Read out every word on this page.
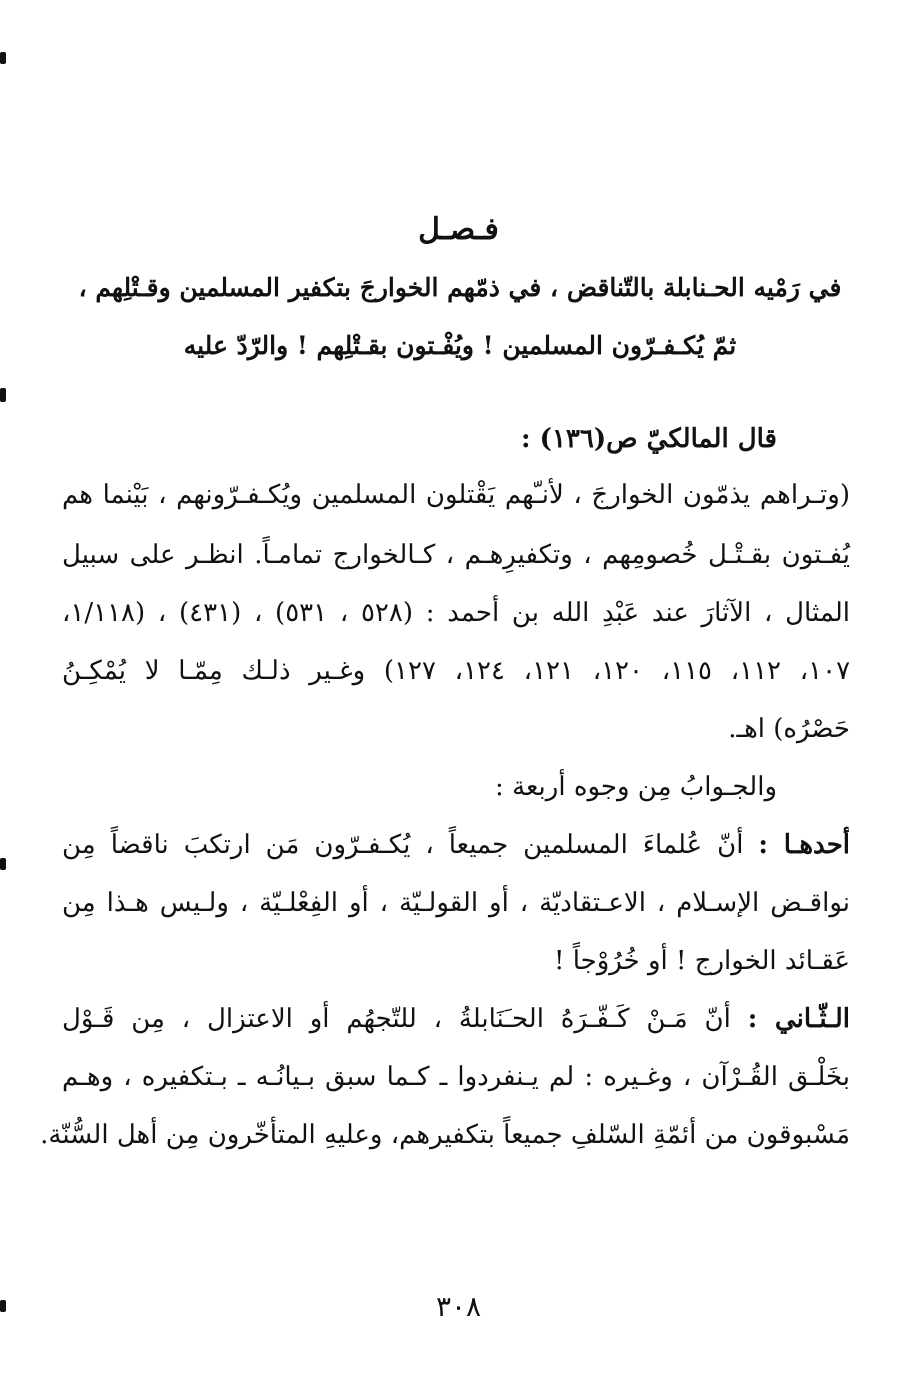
فـصـل
في رَمْيه الحـنابلة بالتّناقض ، في ذمّهم الخوارجَ بتكفير المسلمين وقـتْلِهم ،
ثمّ يُكـفـرّون المسلمين ! ويُفْـتون بقـتْلِهم ! والرّدّ عليه
قال المالكيّ ص(١٣٦) :
(وتـراهم يذمّون الخوارجَ ، لأنـّهم يَقْتلون المسلمين ويُكـفـرّونهم ، بَيْنما هم
يُفـتون بقـتْـل خُصومِهم ، وتكفيرِهـم ، كـالخوارج تمامـاً. انظـر على سبيل
المثال ، الآثارَ عند عَبْدِ الله بن أحمد : (٥٢٨ ، ٥٣١) ، (٤٣١) ، (١/١١٨،
١٠٧، ١١٢، ١١٥، ١٢٠، ١٢١، ١٢٤، ١٢٧) وغـير ذلـك مِمّـا لا يُمْكِـنُ
حَصْرُه) اهـ.
والجـوابُ مِن وجوه أربعة :
أحدهـا : أنّ عُلماءَ المسلمين جميعاً ، يُكـفـرّون مَن ارتكبَ ناقضاً مِن
نواقـض الإسـلام ، الاعـتقاديّة ، أو القولـيّة ، أو الفِعْلـيّة ، ولـيس هـذا مِن
عَقـائد الخوارج ! أو خُرُوْجاً !
الـثّـاني : أنّ مَـنْ كَـفّـرَهُ الحـَنَابلةُ ، للتّجهُم أو الاعتزال ، مِن قَـوْل
بخَلْـق القُـرْآن ، وغـيره : لم يـنفردوا ـ كـما سبق بـيانُـه ـ بـتكفيره ، وهـم
مَسْبوقون من أئمّةِ السّلفِ جميعاً بتكفيرهم، وعليهِ المتأخّرون مِن أهل السُّنّة.
٣٠٨
